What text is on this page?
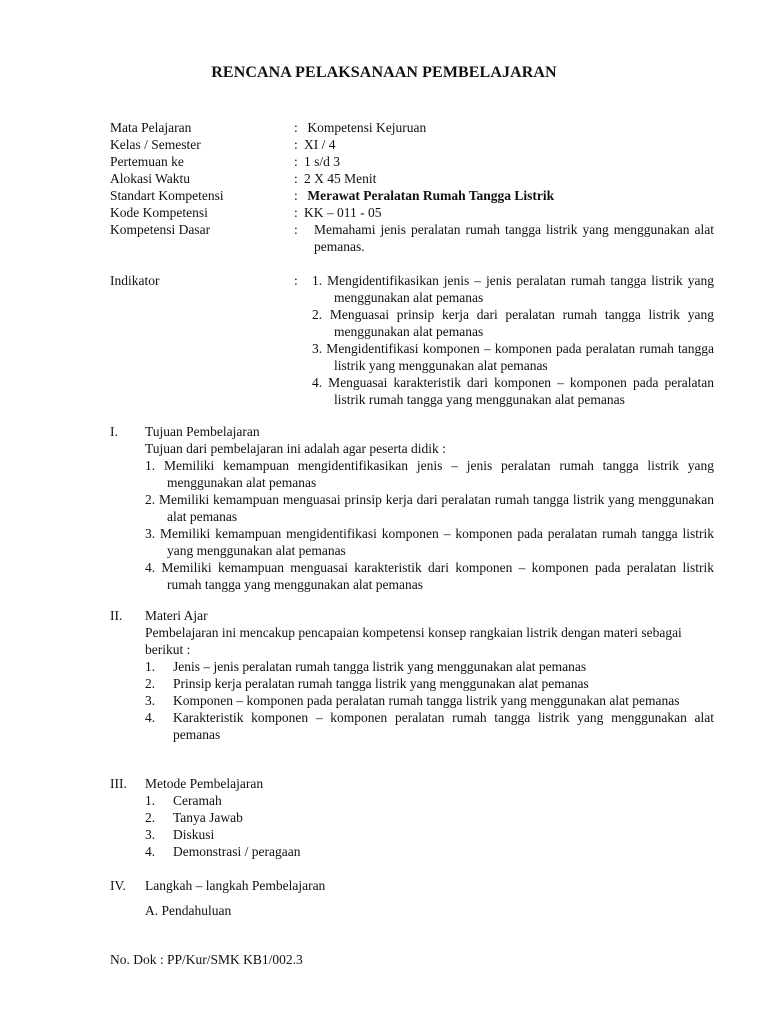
RENCANA PELAKSANAAN PEMBELAJARAN
Mata Pelajaran	: Kompetensi Kejuruan
Kelas / Semester	: XI / 4
Pertemuan ke	: 1 s/d 3
Alokasi Waktu	: 2 X 45 Menit
Standart Kompetensi	: Merawat Peralatan Rumah Tangga Listrik
Kode Kompetensi	: KK – 011 - 05
Kompetensi Dasar	:	Memahami jenis peralatan rumah tangga listrik yang menggunakan alat pemanas.
Indikator	:	1. Mengidentifikasikan jenis – jenis peralatan rumah tangga listrik yang menggunakan alat pemanas
2. Menguasai prinsip kerja dari peralatan rumah tangga listrik yang menggunakan alat pemanas
3. Mengidentifikasi komponen – komponen pada peralatan rumah tangga listrik yang menggunakan alat pemanas
4. Menguasai karakteristik dari komponen – komponen pada peralatan listrik rumah tangga yang menggunakan alat pemanas
I.	Tujuan Pembelajaran
Tujuan dari pembelajaran ini adalah agar peserta didik :
1. Memiliki kemampuan mengidentifikasikan jenis – jenis peralatan rumah tangga listrik yang menggunakan alat pemanas
2. Memiliki kemampuan menguasai prinsip kerja dari peralatan rumah tangga listrik yang menggunakan alat pemanas
3. Memiliki kemampuan mengidentifikasi komponen – komponen pada peralatan rumah tangga listrik yang menggunakan alat pemanas
4. Memiliki kemampuan menguasai karakteristik dari komponen – komponen pada peralatan listrik rumah tangga yang menggunakan alat pemanas
II.	Materi Ajar
Pembelajaran ini mencakup pencapaian kompetensi konsep rangkaian listrik dengan materi sebagai berikut :
1.	Jenis – jenis peralatan rumah tangga listrik yang menggunakan alat pemanas
2.	Prinsip kerja peralatan rumah tangga listrik yang menggunakan alat pemanas
3.	Komponen – komponen pada peralatan rumah tangga listrik yang menggunakan alat pemanas
4.	Karakteristik komponen – komponen peralatan rumah tangga listrik yang menggunakan alat pemanas
III.	Metode Pembelajaran
1.	Ceramah
2.	Tanya Jawab
3.	Diskusi
4.	Demonstrasi / peragaan
IV.	Langkah – langkah Pembelajaran
A. Pendahuluan
No. Dok : PP/Kur/SMK KB1/002.3
